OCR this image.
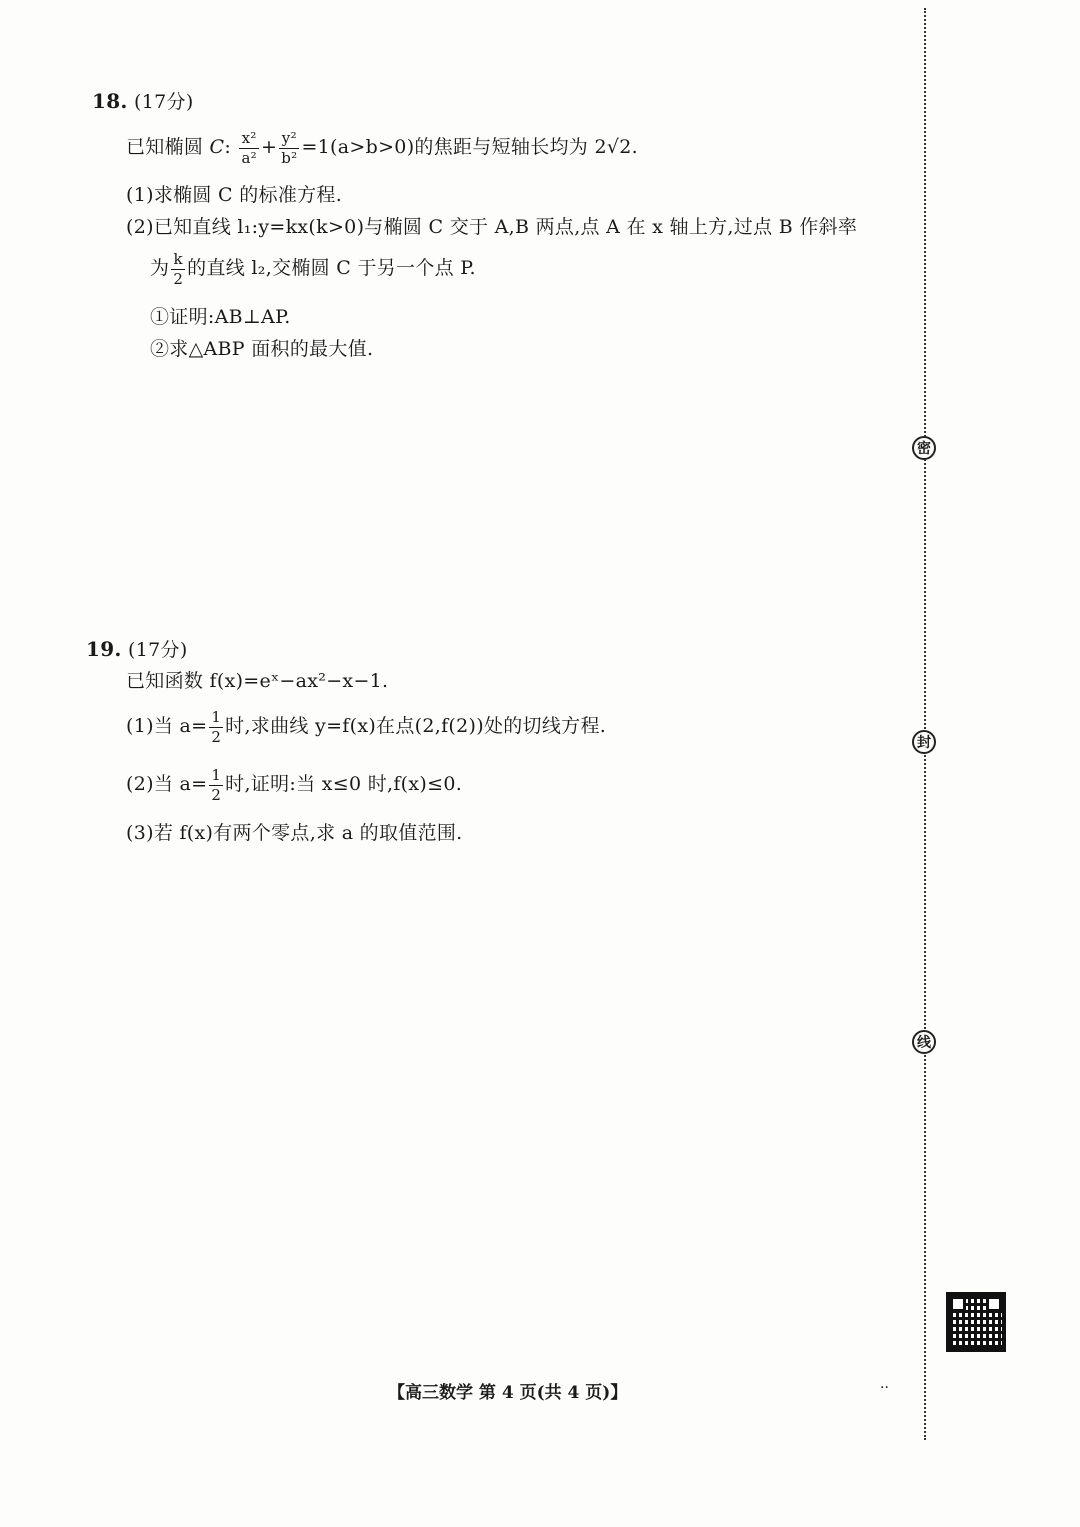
18. (17分)
已知椭圆 C: $\frac{\text{x²}}{\text{a²}} + \frac{\text{y²}}{\text{b²}} =1(a>b>0)$的焦距与短轴长均为 2√2.
(1)求椭圆 C 的标准方程.
(2)已知直线 l₁:y=kx(k>0)与椭圆 C 交于 A,B 两点,点 A 在 x 轴上方,过点 B 作斜率
为 $\frac{k}{2}$ 的直线 l₂,交椭圆 C 于另一个点 P.
①证明:AB⊥AP.
②求△ABP 面积的最大值.
19. (17分)
已知函数 f(x)=eˣ−ax²−x−1.
(1)当 $a= \frac{1}{2}$ 时,求曲线 y=f(x)在点(2,f(2))处的切线方程.
(2)当 $a= \frac{1}{2}$ 时,证明:当 x≤0 时,f(x)≤0.
(3)若 f(x)有两个零点,求 a 的取值范围.
密
封
线
【高三数学 第 4 页(共 4 页)】	··
